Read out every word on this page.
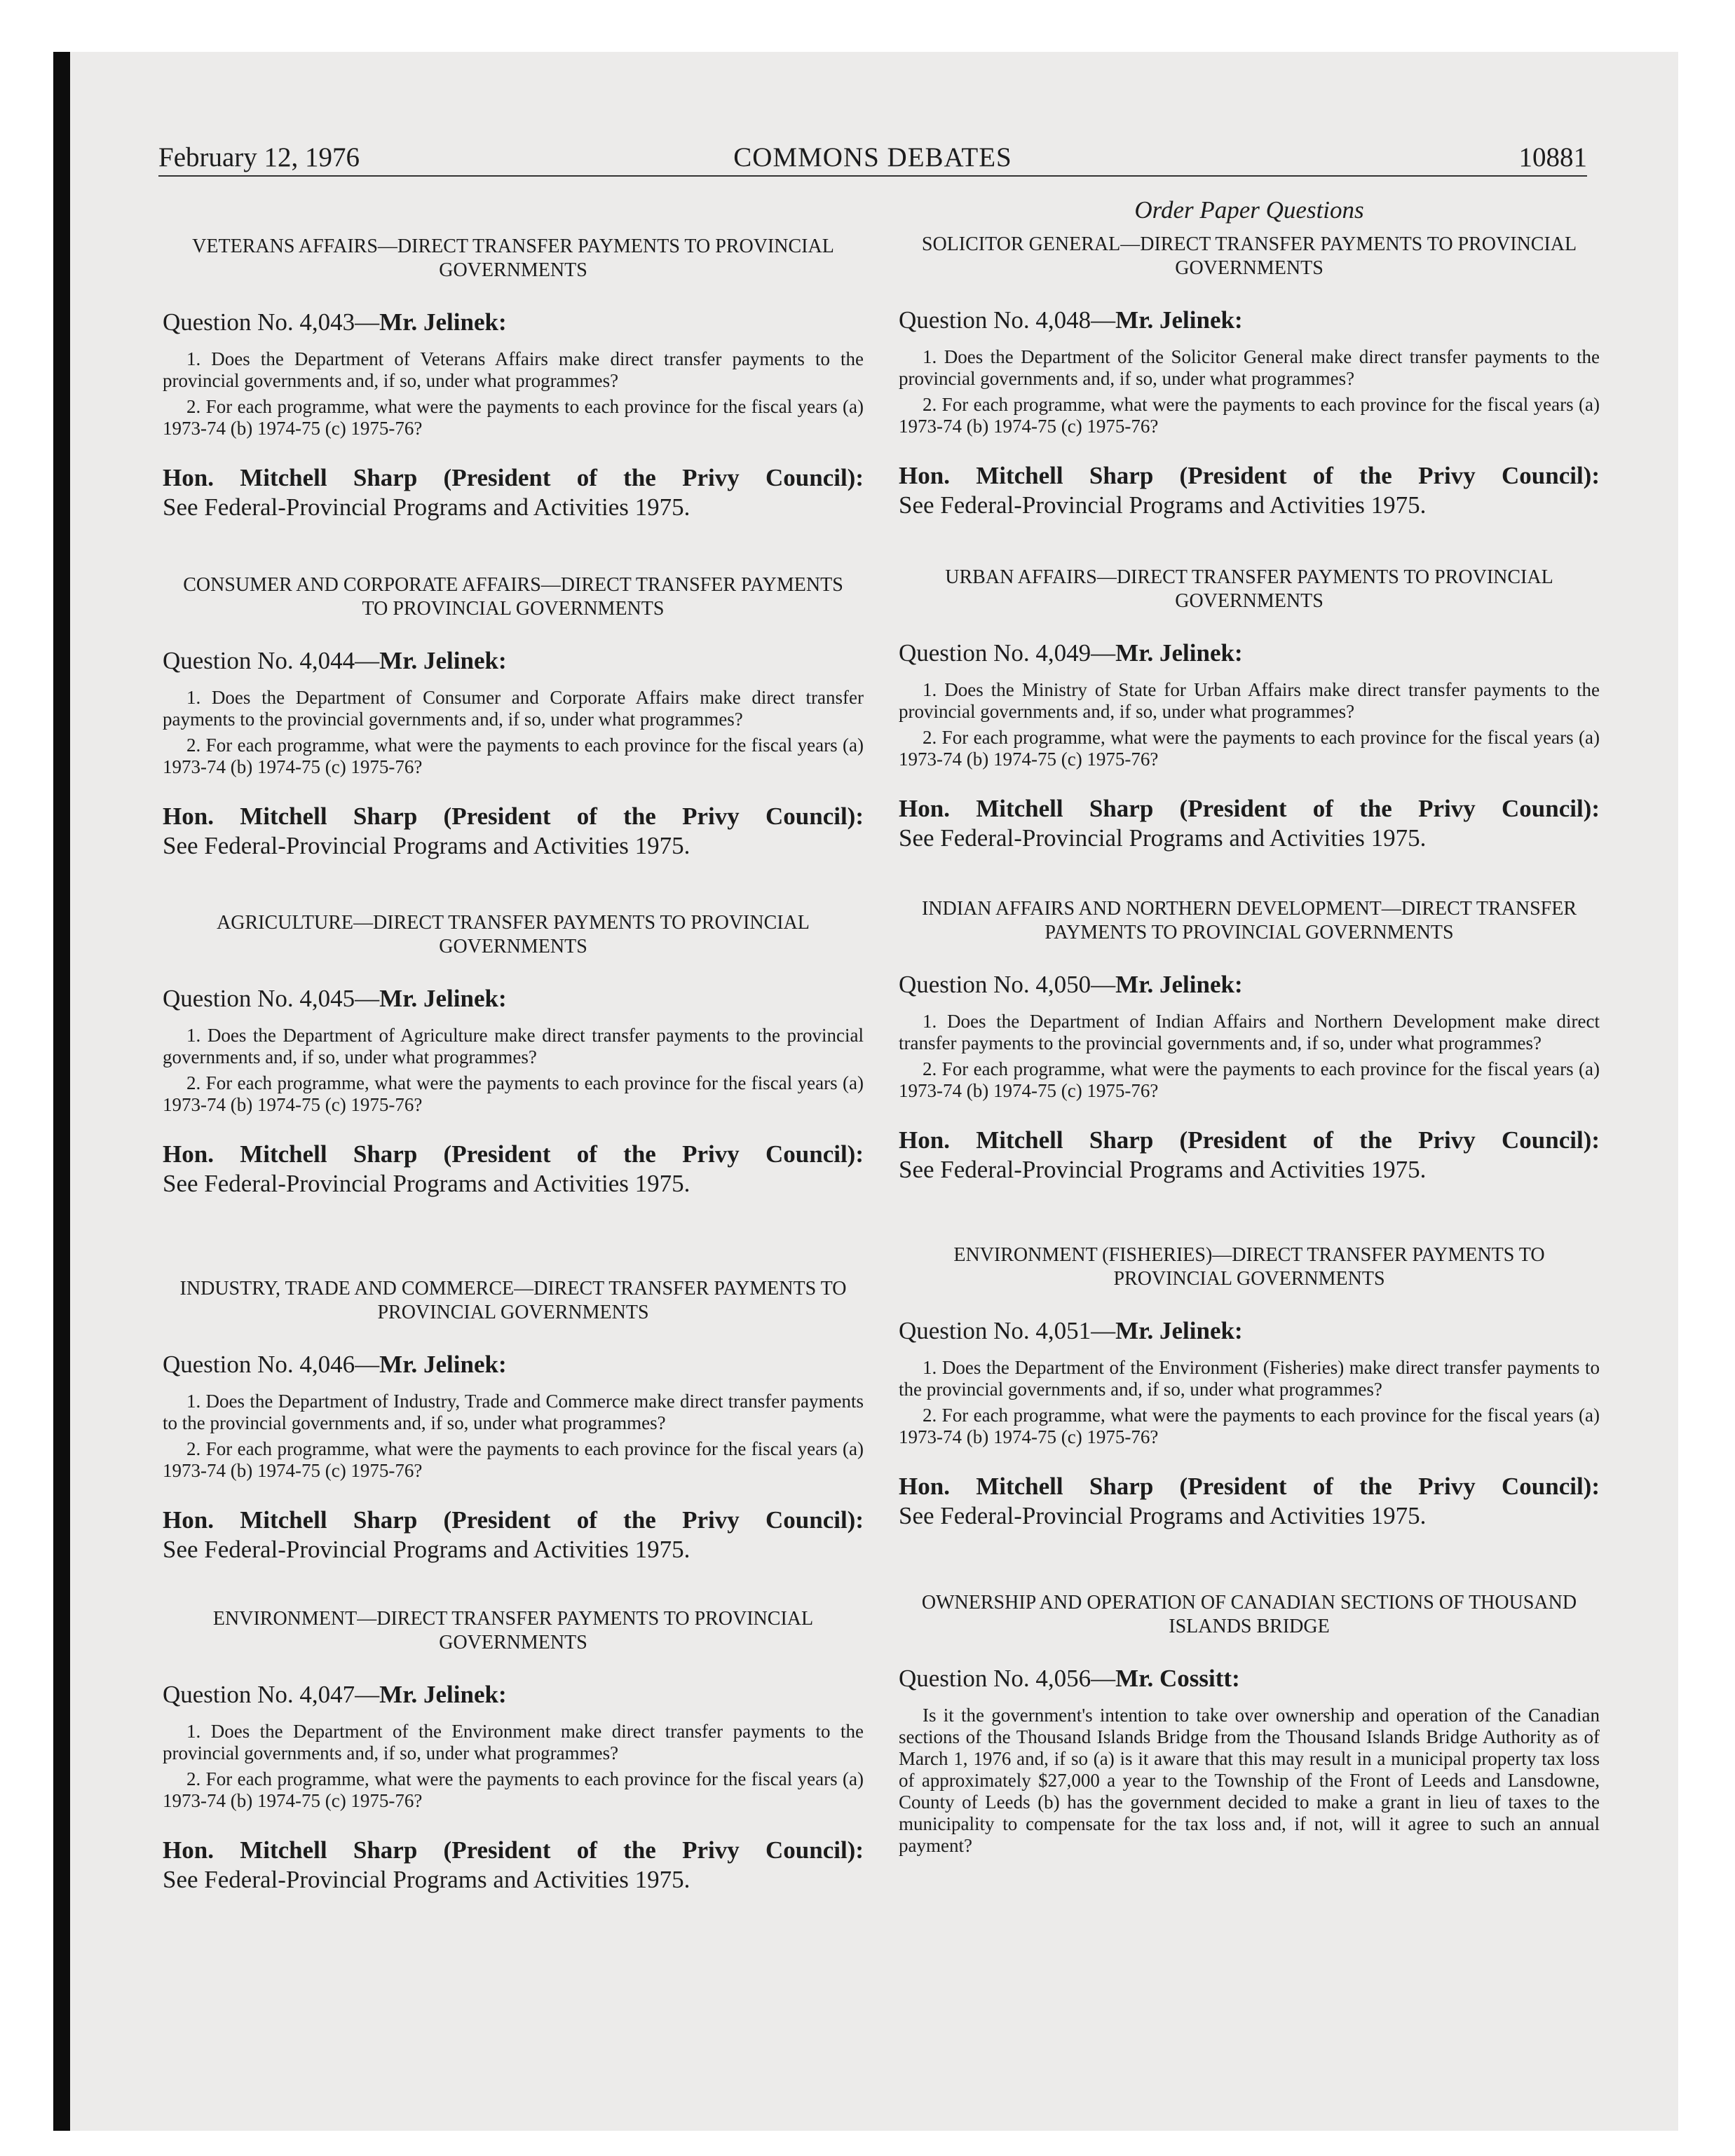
February 12, 1976	COMMONS DEBATES	10881
VETERANS AFFAIRS—DIRECT TRANSFER PAYMENTS TO PROVINCIAL GOVERNMENTS
Question No. 4,043—Mr. Jelinek:

1. Does the Department of Veterans Affairs make direct transfer payments to the provincial governments and, if so, under what programmes?

2. For each programme, what were the payments to each province for the fiscal years (a) 1973-74 (b) 1974-75 (c) 1975-76?

Hon. Mitchell Sharp (President of the Privy Council):
See Federal-Provincial Programs and Activities 1975.
CONSUMER AND CORPORATE AFFAIRS—DIRECT TRANSFER PAYMENTS TO PROVINCIAL GOVERNMENTS
Question No. 4,044—Mr. Jelinek:

1. Does the Department of Consumer and Corporate Affairs make direct transfer payments to the provincial governments and, if so, under what programmes?

2. For each programme, what were the payments to each province for the fiscal years (a) 1973-74 (b) 1974-75 (c) 1975-76?

Hon. Mitchell Sharp (President of the Privy Council):
See Federal-Provincial Programs and Activities 1975.
AGRICULTURE—DIRECT TRANSFER PAYMENTS TO PROVINCIAL GOVERNMENTS
Question No. 4,045—Mr. Jelinek:

1. Does the Department of Agriculture make direct transfer payments to the provincial governments and, if so, under what programmes?

2. For each programme, what were the payments to each province for the fiscal years (a) 1973-74 (b) 1974-75 (c) 1975-76?

Hon. Mitchell Sharp (President of the Privy Council):
See Federal-Provincial Programs and Activities 1975.
INDUSTRY, TRADE AND COMMERCE—DIRECT TRANSFER PAYMENTS TO PROVINCIAL GOVERNMENTS
Question No. 4,046—Mr. Jelinek:

1. Does the Department of Industry, Trade and Commerce make direct transfer payments to the provincial governments and, if so, under what programmes?

2. For each programme, what were the payments to each province for the fiscal years (a) 1973-74 (b) 1974-75 (c) 1975-76?

Hon. Mitchell Sharp (President of the Privy Council):
See Federal-Provincial Programs and Activities 1975.
ENVIRONMENT—DIRECT TRANSFER PAYMENTS TO PROVINCIAL GOVERNMENTS
Question No. 4,047—Mr. Jelinek:

1. Does the Department of the Environment make direct transfer payments to the provincial governments and, if so, under what programmes?

2. For each programme, what were the payments to each province for the fiscal years (a) 1973-74 (b) 1974-75 (c) 1975-76?

Hon. Mitchell Sharp (President of the Privy Council):
See Federal-Provincial Programs and Activities 1975.
Order Paper Questions
SOLICITOR GENERAL—DIRECT TRANSFER PAYMENTS TO PROVINCIAL GOVERNMENTS
Question No. 4,048—Mr. Jelinek:

1. Does the Department of the Solicitor General make direct transfer payments to the provincial governments and, if so, under what programmes?

2. For each programme, what were the payments to each province for the fiscal years (a) 1973-74 (b) 1974-75 (c) 1975-76?

Hon. Mitchell Sharp (President of the Privy Council):
See Federal-Provincial Programs and Activities 1975.
URBAN AFFAIRS—DIRECT TRANSFER PAYMENTS TO PROVINCIAL GOVERNMENTS
Question No. 4,049—Mr. Jelinek:

1. Does the Ministry of State for Urban Affairs make direct transfer payments to the provincial governments and, if so, under what programmes?

2. For each programme, what were the payments to each province for the fiscal years (a) 1973-74 (b) 1974-75 (c) 1975-76?

Hon. Mitchell Sharp (President of the Privy Council):
See Federal-Provincial Programs and Activities 1975.
INDIAN AFFAIRS AND NORTHERN DEVELOPMENT—DIRECT TRANSFER PAYMENTS TO PROVINCIAL GOVERNMENTS
Question No. 4,050—Mr. Jelinek:

1. Does the Department of Indian Affairs and Northern Development make direct transfer payments to the provincial governments and, if so, under what programmes?

2. For each programme, what were the payments to each province for the fiscal years (a) 1973-74 (b) 1974-75 (c) 1975-76?

Hon. Mitchell Sharp (President of the Privy Council):
See Federal-Provincial Programs and Activities 1975.
ENVIRONMENT (FISHERIES)—DIRECT TRANSFER PAYMENTS TO PROVINCIAL GOVERNMENTS
Question No. 4,051—Mr. Jelinek:

1. Does the Department of the Environment (Fisheries) make direct transfer payments to the provincial governments and, if so, under what programmes?

2. For each programme, what were the payments to each province for the fiscal years (a) 1973-74 (b) 1974-75 (c) 1975-76?

Hon. Mitchell Sharp (President of the Privy Council):
See Federal-Provincial Programs and Activities 1975.
OWNERSHIP AND OPERATION OF CANADIAN SECTIONS OF THOUSAND ISLANDS BRIDGE
Question No. 4,056—Mr. Cossitt:

Is it the government's intention to take over ownership and operation of the Canadian sections of the Thousand Islands Bridge from the Thousand Islands Bridge Authority as of March 1, 1976 and, if so (a) is it aware that this may result in a municipal property tax loss of approximately $27,000 a year to the Township of the Front of Leeds and Lansdowne, County of Leeds (b) has the government decided to make a grant in lieu of taxes to the municipality to compensate for the tax loss and, if not, will it agree to such an annual payment?
